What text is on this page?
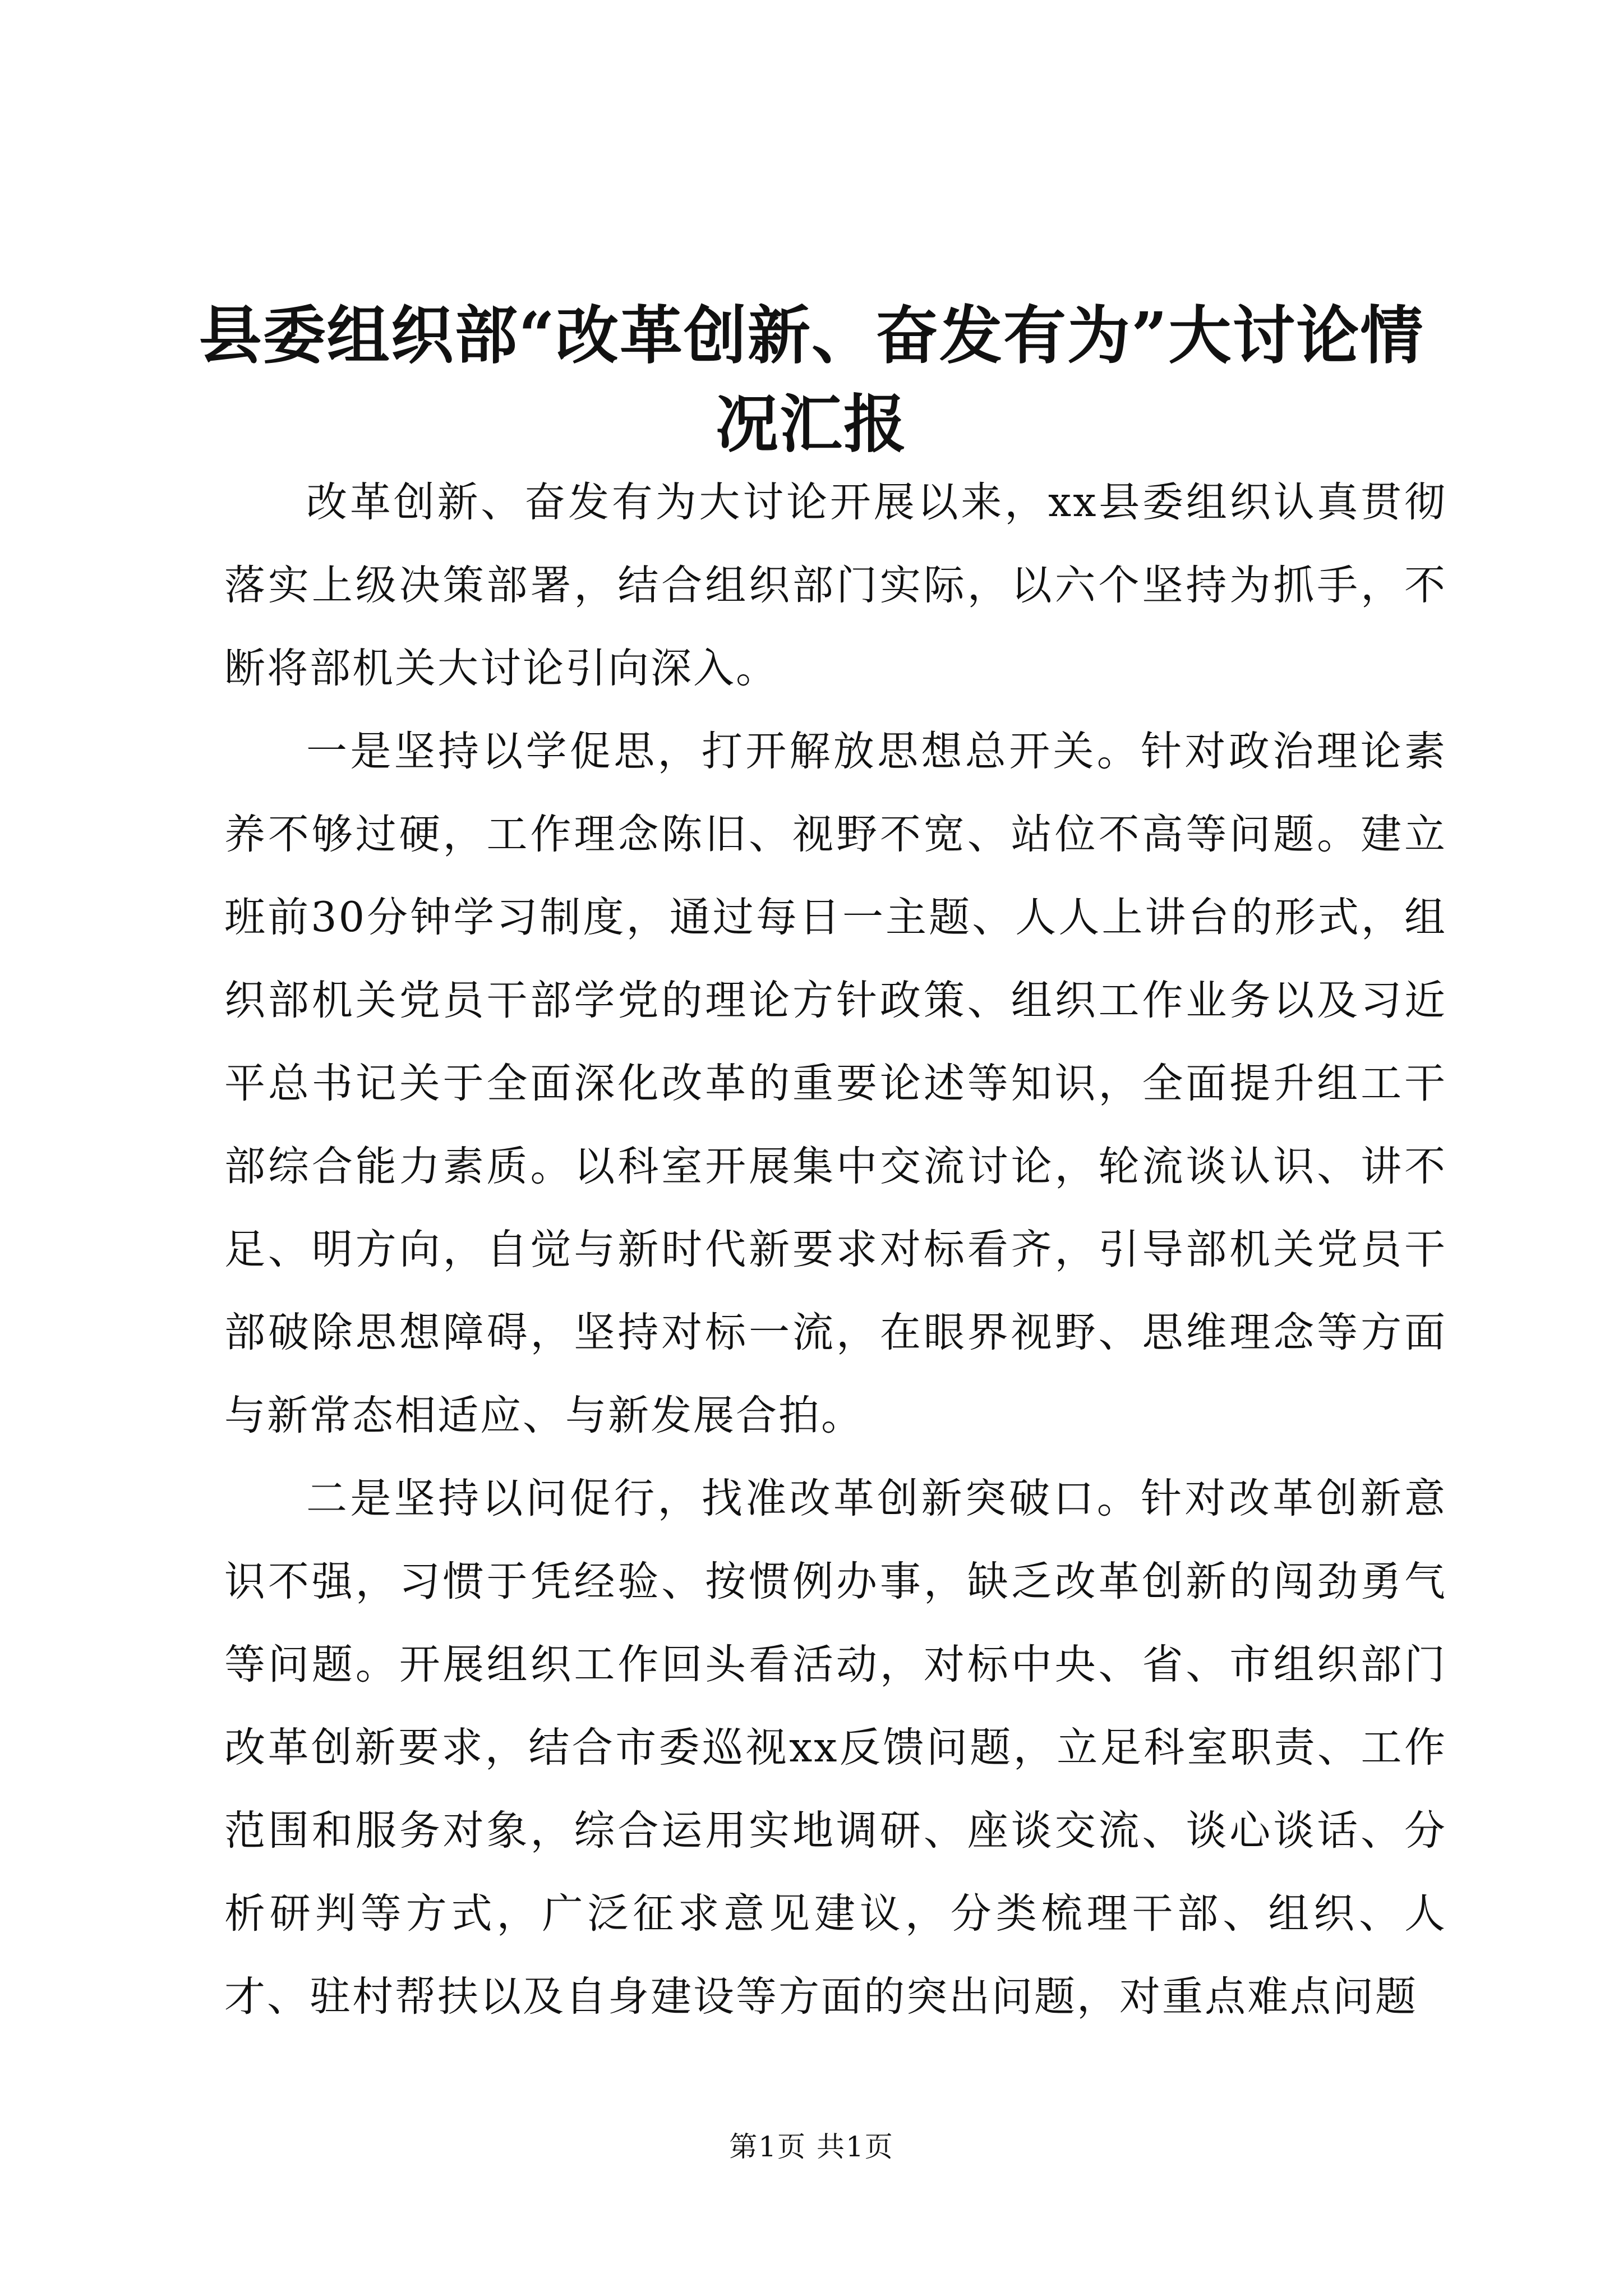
县委组织部“改革创新、奋发有为”大讨论情况汇报

改革创新、奋发有为大讨论开展以来，xx县委组织认真贯彻落实上级决策部署，结合组织部门实际，以六个坚持为抓手，不断将部机关大讨论引向深入。

一是坚持以学促思，打开解放思想总开关。针对政治理论素养不够过硬，工作理念陈旧、视野不宽、站位不高等问题。建立班前30分钟学习制度，通过每日一主题、人人上讲台的形式，组织部机关党员干部学党的理论方针政策、组织工作业务以及习近平总书记关于全面深化改革的重要论述等知识，全面提升组工干部综合能力素质。以科室开展集中交流讨论，轮流谈认识、讲不足、明方向，自觉与新时代新要求对标看齐，引导部机关党员干部破除思想障碍，坚持对标一流，在眼界视野、思维理念等方面与新常态相适应、与新发展合拍。

二是坚持以问促行，找准改革创新突破口。针对改革创新意识不强，习惯于凭经验、按惯例办事，缺乏改革创新的闯劲勇气等问题。开展组织工作回头看活动，对标中央、省、市组织部门改革创新要求，结合市委巡视xx反馈问题，立足科室职责、工作范围和服务对象，综合运用实地调研、座谈交流、谈心谈话、分析研判等方式，广泛征求意见建议，分类梳理干部、组织、人才、驻村帮扶以及自身建设等方面的突出问题，对重点难点问题

第1页 共1页
